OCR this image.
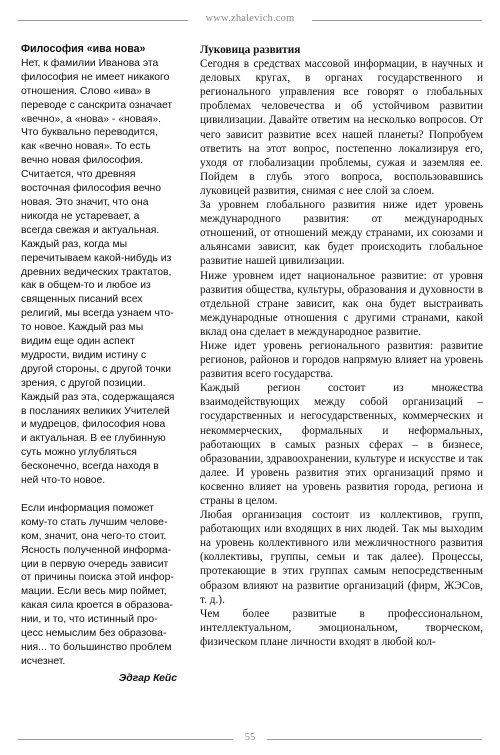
www.zhalevich.com
Философия «ива нова»

Нет, к фамилии Иванова эта

философия не имеет никакого

отношения. Слово «ива» в

переводе с санскрита означает

«вечно», а «нова» - «новая».

Что буквально переводится,

как «вечно новая». То есть

вечно новая философия.

Считается, что древняя

восточная философия вечно

новая. Это значит, что она

никогда не устаревает, а

всегда свежая и актуальная.

Каждый раз, когда мы

перечитываем какой-нибудь из

древних ведических трактатов,

как в общем-то и любое из

священных писаний всех

религий, мы всегда узнаем что-

то новое. Каждый раз мы

видим еще один аспект

мудрости, видим истину с

другой стороны, с другой точки

зрения, с другой позиции.

Каждый раз эта, содержащаяся

в посланиях великих Учителей

и мудрецов, философия нова

и актуальная. В ее глубинную

суть можно углубляться

бесконечно, всегда находя в

ней что-то новое.

Если информация поможет

кому-то стать лучшим челове-

ком, значит, она чего-то стоит.

Ясность полученной информа-

ции в первую очередь зависит

от причины поиска этой инфор-

мации. Если весь мир поймет,

какая сила кроется в образова-

нии, и то, что истинный про-

цесс немыслим без образова-

ния... то большинство проблем

исчезнет.

Эдгар Кейс
Луковица развития

Сегодня в средствах массовой информации, в научных и деловых кругах, в органах государственного и регионального управления все говорят о глобальных проблемах человечества и об устойчивом развитии цивилизации. Давайте ответим на несколько вопросов. От чего зависит развитие всех нашей планеты? Попробуем ответить на этот вопрос, постепенно локализируя его, уходя от глобализации проблемы, сужая и заземляя ее. Пойдем в глубь этого вопроса, воспользовавшись луковицей развития, снимая с нее слой за слоем.

За уровнем глобального развития ниже идет уровень международного развития: от международных отношений, от отношений между странами, их союзами и альянсами зависит, как будет происходить глобальное развитие нашей цивилизации.

Ниже уровнем идет национальное развитие: от уровня развития общества, культуры, образования и духовности в отдельной стране зависит, как она будет выстраивать международные отношения с другими странами, какой вклад она сделает в международное развитие.

Ниже идет уровень регионального развития: развитие регионов, районов и городов напрямую влияет на уровень развития всего государства.

Каждый регион состоит из множества взаимодействующих между собой организаций – государственных и негосударственных, коммерческих и некоммерческих, формальных и неформальных, работающих в самых разных сферах – в бизнесе, образовании, здравоохранении, культуре и искусстве и так далее. И уровень развития этих организаций прямо и косвенно влияет на уровень развития города, региона и страны в целом.

Любая организация состоит из коллективов, групп, работающих или входящих в них людей. Так мы выходим на уровень коллективного или межличностного развития (коллективы, группы, семьи и так далее). Процессы, протекающие в этих группах самым непосредственным образом влияют на развитие организаций (фирм, ЖЭСов, т. д.).

Чем более развитые в профессиональном, интеллектуальном, эмоциональном, творческом, физическом плане личности входят в любой кол-

55
